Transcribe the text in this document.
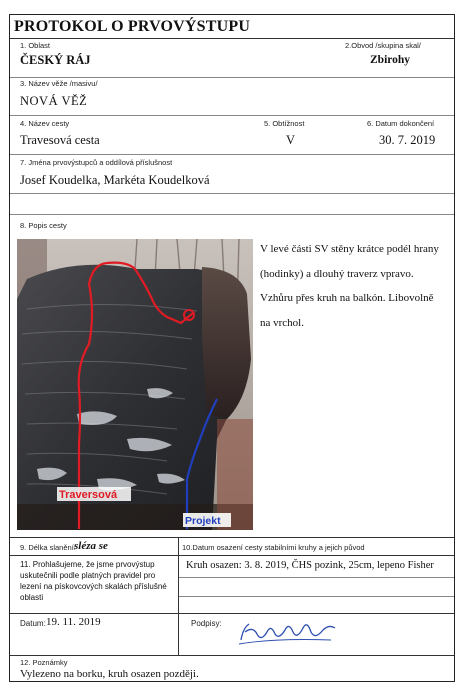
PROTOKOL O PRVOVÝSTUPU
1. Oblast
ČESKÝ RÁJ
2.Obvod /skupina skal/
Zbirohy
3. Název věže /masivu/
NOVÁ VĚŽ
4. Název cesty
Travesová cesta
5. Obtížnost
V
6. Datum dokončení
30. 7. 2019
7. Jména prvovýstupců a oddílová příslušnost
Josef Koudelka, Markéta Koudelková
8. Popis cesty
Traversová
Projekt
V levé části SV stěny krátce podél hrany
(hodinky) a dlouhý traverz vpravo.
Vzhůru přes kruh na balkón. Libovolně
na vrchol.
9. Délka slanění:
sléza se	10.Datum osazení cesty stabilními kruhy a jejich původ
11. Prohlašujeme, že jsme prvovýstup uskutečnili podle platných pravidel pro lezení na pískovcových skalách příslušné oblasti
Kruh osazen: 3. 8. 2019, ČHS pozink, 25cm, lepeno Fisher
Datum: 19. 11. 2019	Podpisy:
12. Poznámky
Vylezeno na borku, kruh osazen později.
